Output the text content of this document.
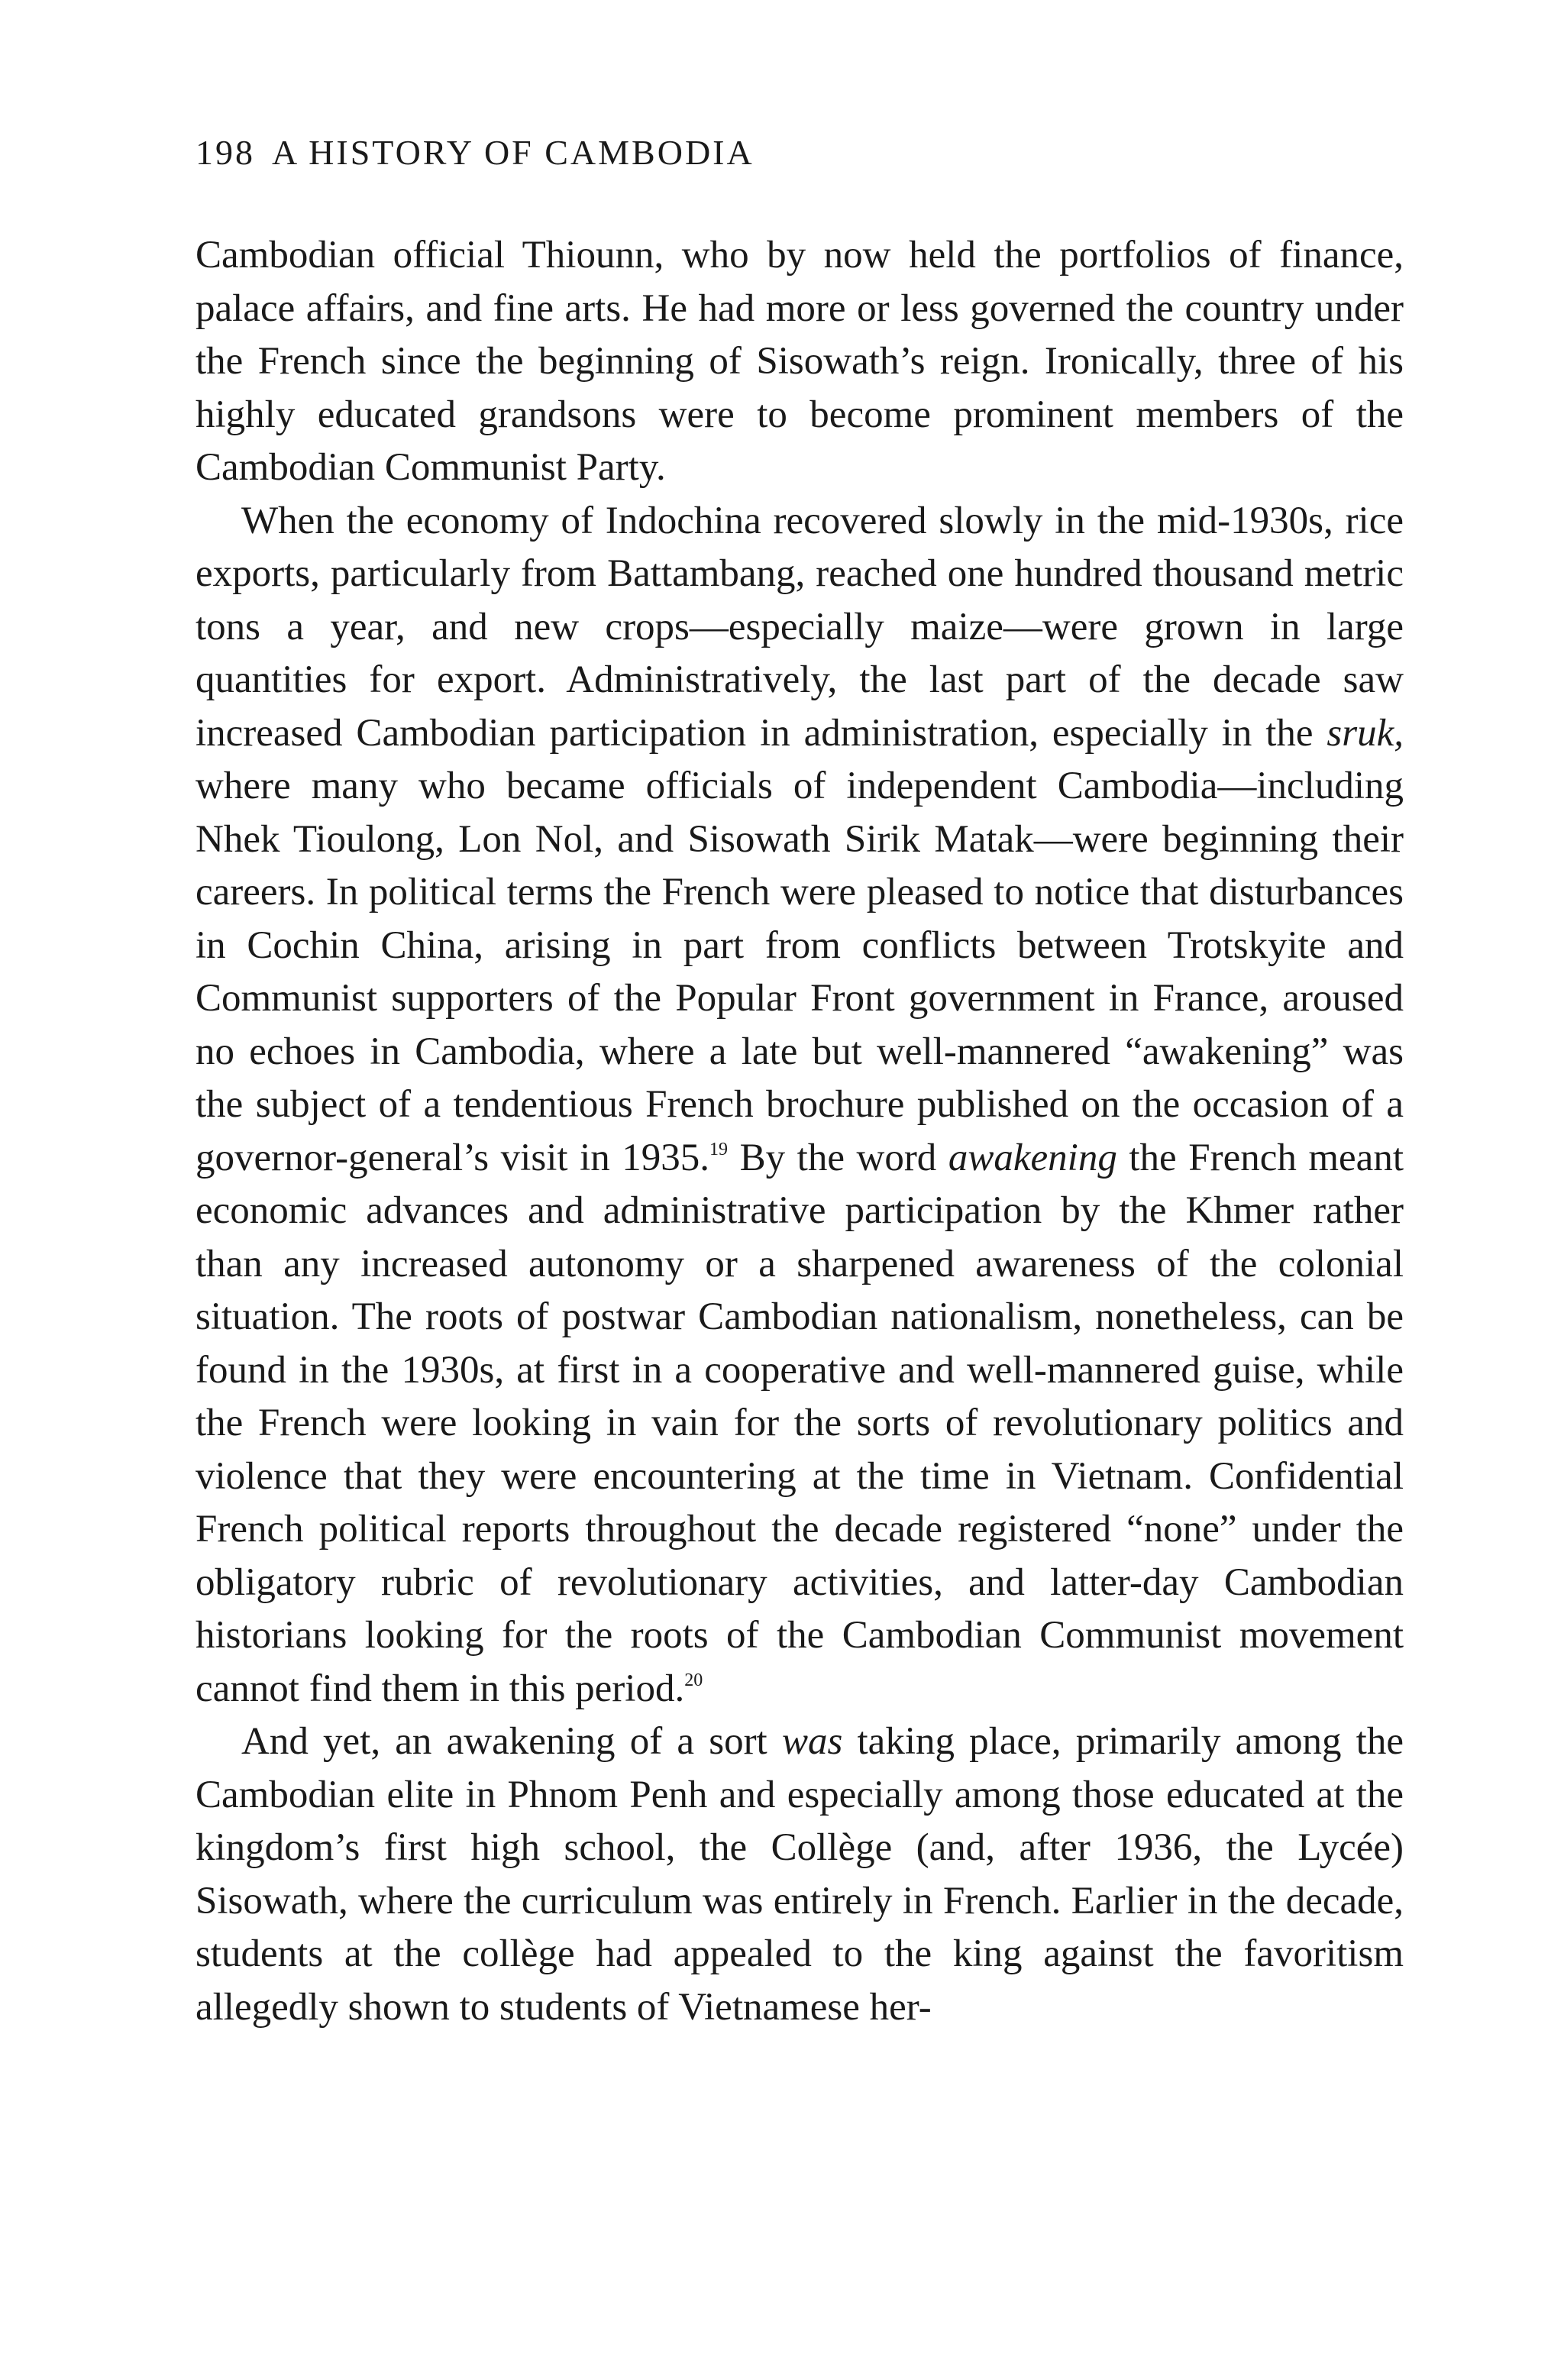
198 A HISTORY OF CAMBODIA

Cambodian official Thiounn, who by now held the portfolios of finance, palace affairs, and fine arts. He had more or less governed the country under the French since the beginning of Sisowath’s reign. Ironically, three of his highly educated grandsons were to become prominent members of the Cambodian Communist Party.

When the economy of Indochina recovered slowly in the mid-1930s, rice exports, particularly from Battambang, reached one hundred thousand metric tons a year, and new crops—especially maize—were grown in large quantities for export. Administratively, the last part of the decade saw increased Cambodian participation in administration, especially in the sruk, where many who became officials of independent Cambodia—including Nhek Tioulong, Lon Nol, and Sisowath Sirik Matak—were beginning their careers. In political terms the French were pleased to notice that disturbances in Cochin China, arising in part from conflicts between Trotskyite and Communist supporters of the Popular Front government in France, aroused no echoes in Cambodia, where a late but well-mannered “awakening” was the subject of a tendentious French brochure published on the occasion of a governor-general’s visit in 1935.19 By the word awakening the French meant economic advances and administrative participation by the Khmer rather than any increased autonomy or a sharpened awareness of the colonial situation. The roots of postwar Cambodian nationalism, nonetheless, can be found in the 1930s, at first in a cooperative and well-mannered guise, while the French were looking in vain for the sorts of revolutionary politics and violence that they were encountering at the time in Vietnam. Confidential French political reports throughout the decade registered “none” under the obligatory rubric of revolutionary activities, and latter-day Cambodian historians looking for the roots of the Cambodian Communist movement cannot find them in this period.$^{20}$

And yet, an awakening of a sort was taking place, primarily among the Cambodian elite in Phnom Penh and especially among those educated at the kingdom’s first high school, the Collège (and, after 1936, the Lycée) Sisowath, where the curriculum was entirely in French. Earlier in the decade, students at the collège had appealed to the king against the favoritism allegedly shown to students of Vietnamese her-
